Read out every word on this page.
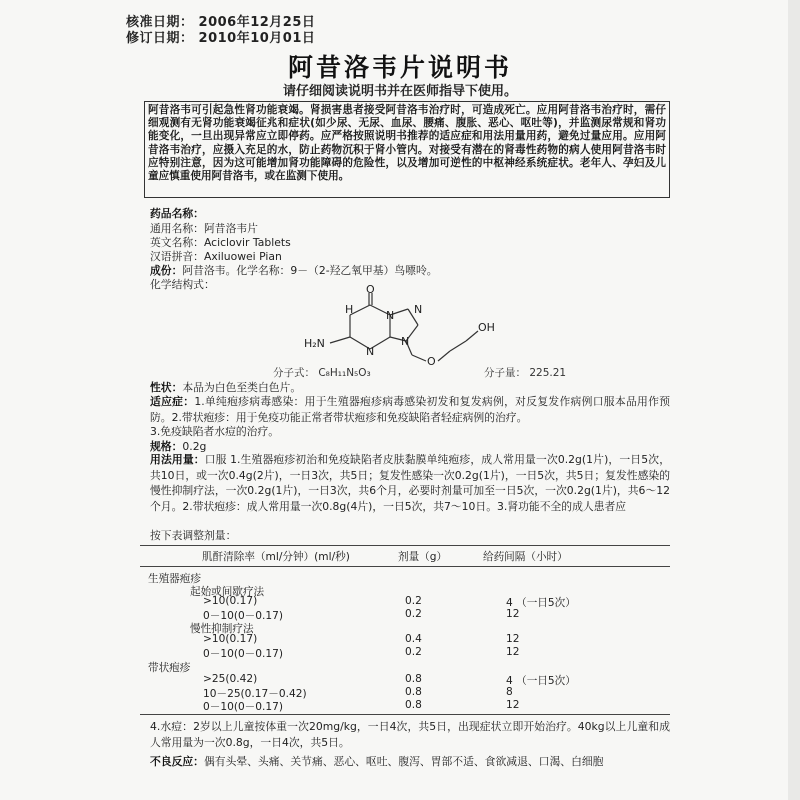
核准日期： 2006年12月25日
修订日期： 2010年10月01日
阿昔洛韦片说明书
请仔细阅读说明书并在医师指导下使用。
阿昔洛韦可引起急性肾功能衰竭。肾损害患者接受阿昔洛韦治疗时，可造成死亡。应用阿昔洛韦治疗时，需仔细观测有无肾功能衰竭征兆和症状(如少尿、无尿、血尿、腰痛、腹胀、恶心、呕吐等)，并监测尿常规和肾功能变化，一旦出现异常应立即停药。应严格按照说明书推荐的适应症和用法用量用药，避免过量应用。应用阿昔洛韦治疗，应摄入充足的水，防止药物沉积于肾小管内。对接受有潜在的肾毒性药物的病人使用阿昔洛韦时应特别注意，因为这可能增加肾功能障碍的危险性，以及增加可逆性的中枢神经系统症状。老年人、孕妇及儿童应慎重使用阿昔洛韦，或在监测下使用。
药品名称：
通用名称：阿昔洛韦片
英文名称：Aciclovir Tablets
汉语拼音：Axiluowei Pian
成份：阿昔洛韦。化学名称：9－（2-羟乙氧甲基）鸟嘌呤。
化学结构式：	O
N N
N
N
H
H₂N
O
OH
分子式： C₈H₁₁N₅O₃	分子量： 225.21
性状：本品为白色至类白色片。
适应症：1.单纯疱疹病毒感染：用于生殖器疱疹病毒感染初发和复发病例，对反复发作病例口服本品用作预防。2.带状疱疹：用于免疫功能正常者带状疱疹和免疫缺陷者轻症病例的治疗。
3.免疫缺陷者水痘的治疗。
规格：0.2g
用法用量：口服 1.生殖器疱疹初治和免疫缺陷者皮肤黏膜单纯疱疹，成人常用量一次0.2g(1片)，一日5次，共10日，或一次0.4g(2片)，一日3次，共5日；复发性感染一次0.2g(1片)，一日5次，共5日；复发性感染的慢性抑制疗法，一次0.2g(1片)，一日3次，共6个月，必要时剂量可加至一日5次，一次0.2g(1片)，共6～12个月。2.带状疱疹：成人常用量一次0.8g(4片)，一日5次，共7～10日。3.肾功能不全的成人患者应
按下表调整剂量：
肌酐清除率（ml/分钟）(ml/秒)	剂量（g）	给药间隔（小时）
生殖器疱疹
起始或间歇疗法
>10(0.17)	0.2	4 （一日5次）
0－10(0－0.17)	0.2	12
慢性抑制疗法
>10(0.17)	0.4	12
0－10(0－0.17)	0.2	12
带状疱疹
>25(0.42)	0.8	4 （一日5次）
10－25(0.17－0.42)	0.8	8
0－10(0－0.17)	0.8	12
4.水痘：2岁以上儿童按体重一次20mg/kg，一日4次，共5日，出现症状立即开始治疗。40kg以上儿童和成人常用量为一次0.8g，一日4次，共5日。
不良反应：偶有头晕、头痛、关节痛、恶心、呕吐、腹泻、胃部不适、食欲减退、口渴、白细胞
